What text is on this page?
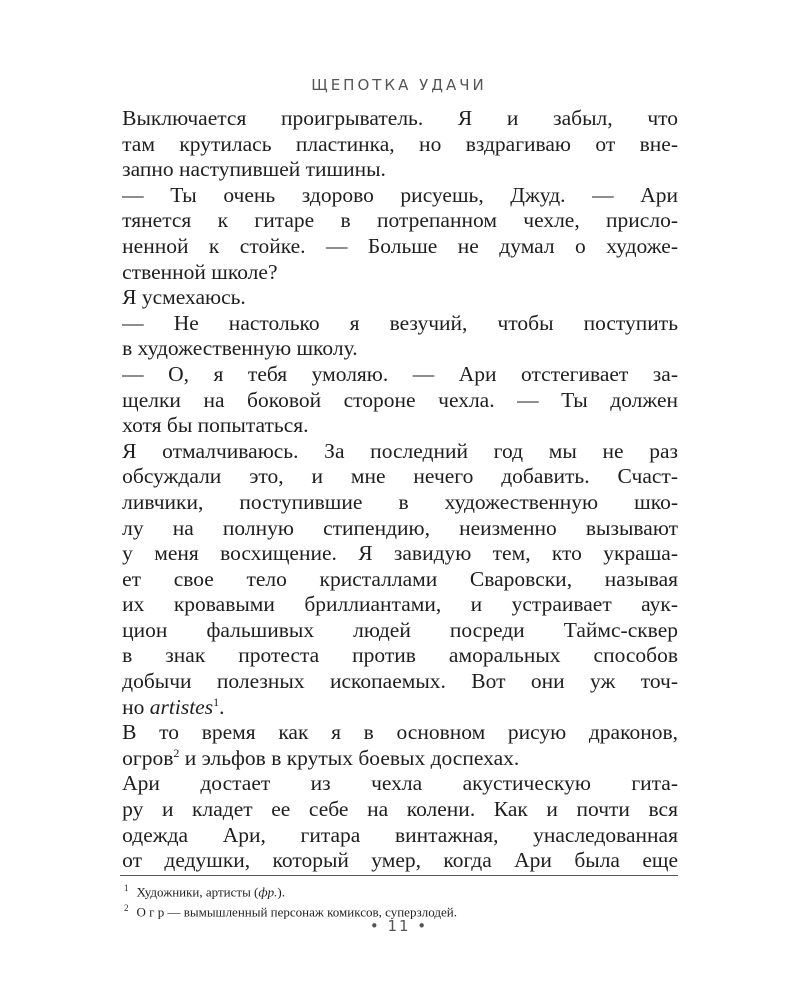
ЩЕПОТКА УДАЧИ

Выключается проигрыватель. Я и забыл, что
там крутилась пластинка, но вздрагиваю от вне-
запно наступившей тишины.

— Ты очень здорово рисуешь, Джуд. — Ари
тянется к гитаре в потрепанном чехле, присло-
ненной к стойке. — Больше не думал о художе-
ственной школе?

Я усмехаюсь.

— Не настолько я везучий, чтобы поступить
в художественную школу.

— О, я тебя умоляю. — Ари отстегивает за-
щелки на боковой стороне чехла. — Ты должен
хотя бы попытаться.

Я отмалчиваюсь. За последний год мы не раз
обсуждали это, и мне нечего добавить. Счаст-
ливчики, поступившие в художественную шко-
лу на полную стипендию, неизменно вызывают
у меня восхищение. Я завидую тем, кто украша-
ет свое тело кристаллами Сваровски, называя
их кровавыми бриллиантами, и устраивает аук-
цион фальшивых людей посреди Таймс-сквер
в знак протеста против аморальных способов
добычи полезных ископаемых. Вот они уж точ-
но artistes$^1$.

В то время как я в основном рисую драконов,
огров$^2$ и эльфов в крутых боевых доспехах.

Ари достает из чехла акустическую гита-
ру и кладет ее себе на колени. Как и почти вся
одежда Ари, гитара винтажная, унаследованная
от дедушки, который умер, когда Ари была еще

$^1$ Художники, артисты (фр.).
$^2$ О г р — вымышленный персонаж комиксов, суперзлодей.
• 11 •
